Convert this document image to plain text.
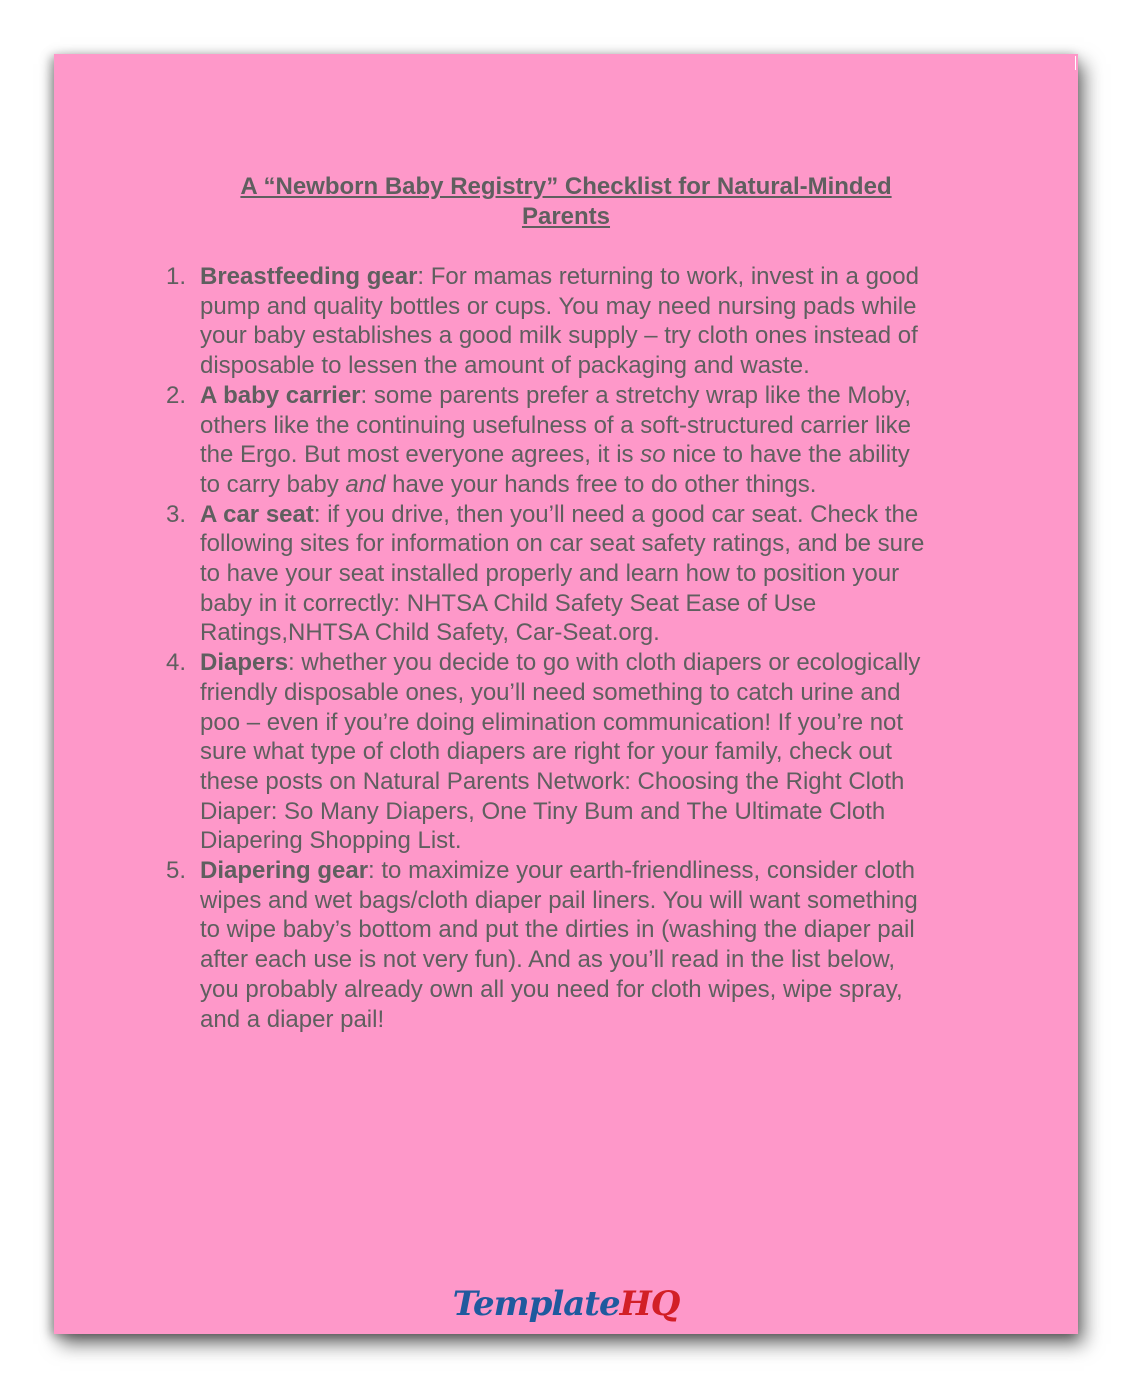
A “Newborn Baby Registry” Checklist for Natural-Minded Parents
1. Breastfeeding gear: For mamas returning to work, invest in a good pump and quality bottles or cups. You may need nursing pads while your baby establishes a good milk supply – try cloth ones instead of disposable to lessen the amount of packaging and waste.
2. A baby carrier: some parents prefer a stretchy wrap like the Moby, others like the continuing usefulness of a soft-structured carrier like the Ergo. But most everyone agrees, it is so nice to have the ability to carry baby and have your hands free to do other things.
3. A car seat: if you drive, then you’ll need a good car seat. Check the following sites for information on car seat safety ratings, and be sure to have your seat installed properly and learn how to position your baby in it correctly: NHTSA Child Safety Seat Ease of Use Ratings,NHTSA Child Safety, Car-Seat.org.
4. Diapers: whether you decide to go with cloth diapers or ecologically friendly disposable ones, you’ll need something to catch urine and poo – even if you’re doing elimination communication! If you’re not sure what type of cloth diapers are right for your family, check out these posts on Natural Parents Network: Choosing the Right Cloth Diaper: So Many Diapers, One Tiny Bum and The Ultimate Cloth Diapering Shopping List.
5. Diapering gear: to maximize your earth-friendliness, consider cloth wipes and wet bags/cloth diaper pail liners. You will want something to wipe baby’s bottom and put the dirties in (washing the diaper pail after each use is not very fun). And as you’ll read in the list below, you probably already own all you need for cloth wipes, wipe spray, and a diaper pail!
TemplateHQ
